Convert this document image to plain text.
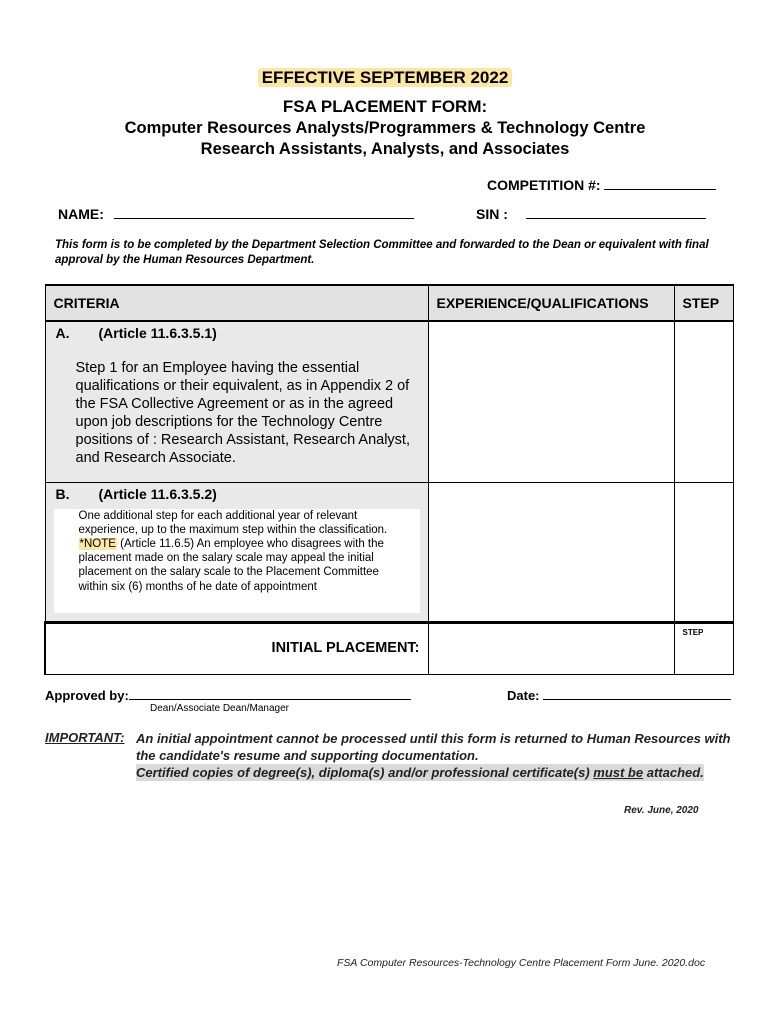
EFFECTIVE SEPTEMBER 2022
FSA PLACEMENT FORM:
Computer Resources Analysts/Programmers & Technology Centre
Research Assistants, Analysts, and Associates
COMPETITION #:
NAME:	SIN :
This form is to be completed by the Department Selection Committee and forwarded to the Dean or equivalent with final approval by the Human Resources Department.
CRITERIA	EXPERIENCE/QUALIFICATIONS	STEP

A. (Article 11.6.3.5.1)
Step 1 for an Employee having the essential qualifications or their equivalent, as in Appendix 2 of the FSA Collective Agreement or as in the agreed upon job descriptions for the Technology Centre positions of : Research Assistant, Research Analyst, and Research Associate.		

B. (Article 11.6.3.5.2)
One additional step for each additional year of relevant experience, up to the maximum step within the classification. *NOTE (Article 11.6.5) An employee who disagrees with the placement made on the salary scale may appeal the initial placement on the salary scale to the Placement Committee within six (6) months of he date of appointment		

INITIAL PLACEMENT:		STEP
Approved by:
Dean/Associate Dean/Manager
Date:
IMPORTANT: An initial appointment cannot be processed until this form is returned to Human Resources with
the candidate's resume and supporting documentation.
Certified copies of degree(s), diploma(s) and/or professional certificate(s) must be attached.
Rev. June, 2020
FSA Computer Resources-Technology Centre Placement Form June. 2020.doc
